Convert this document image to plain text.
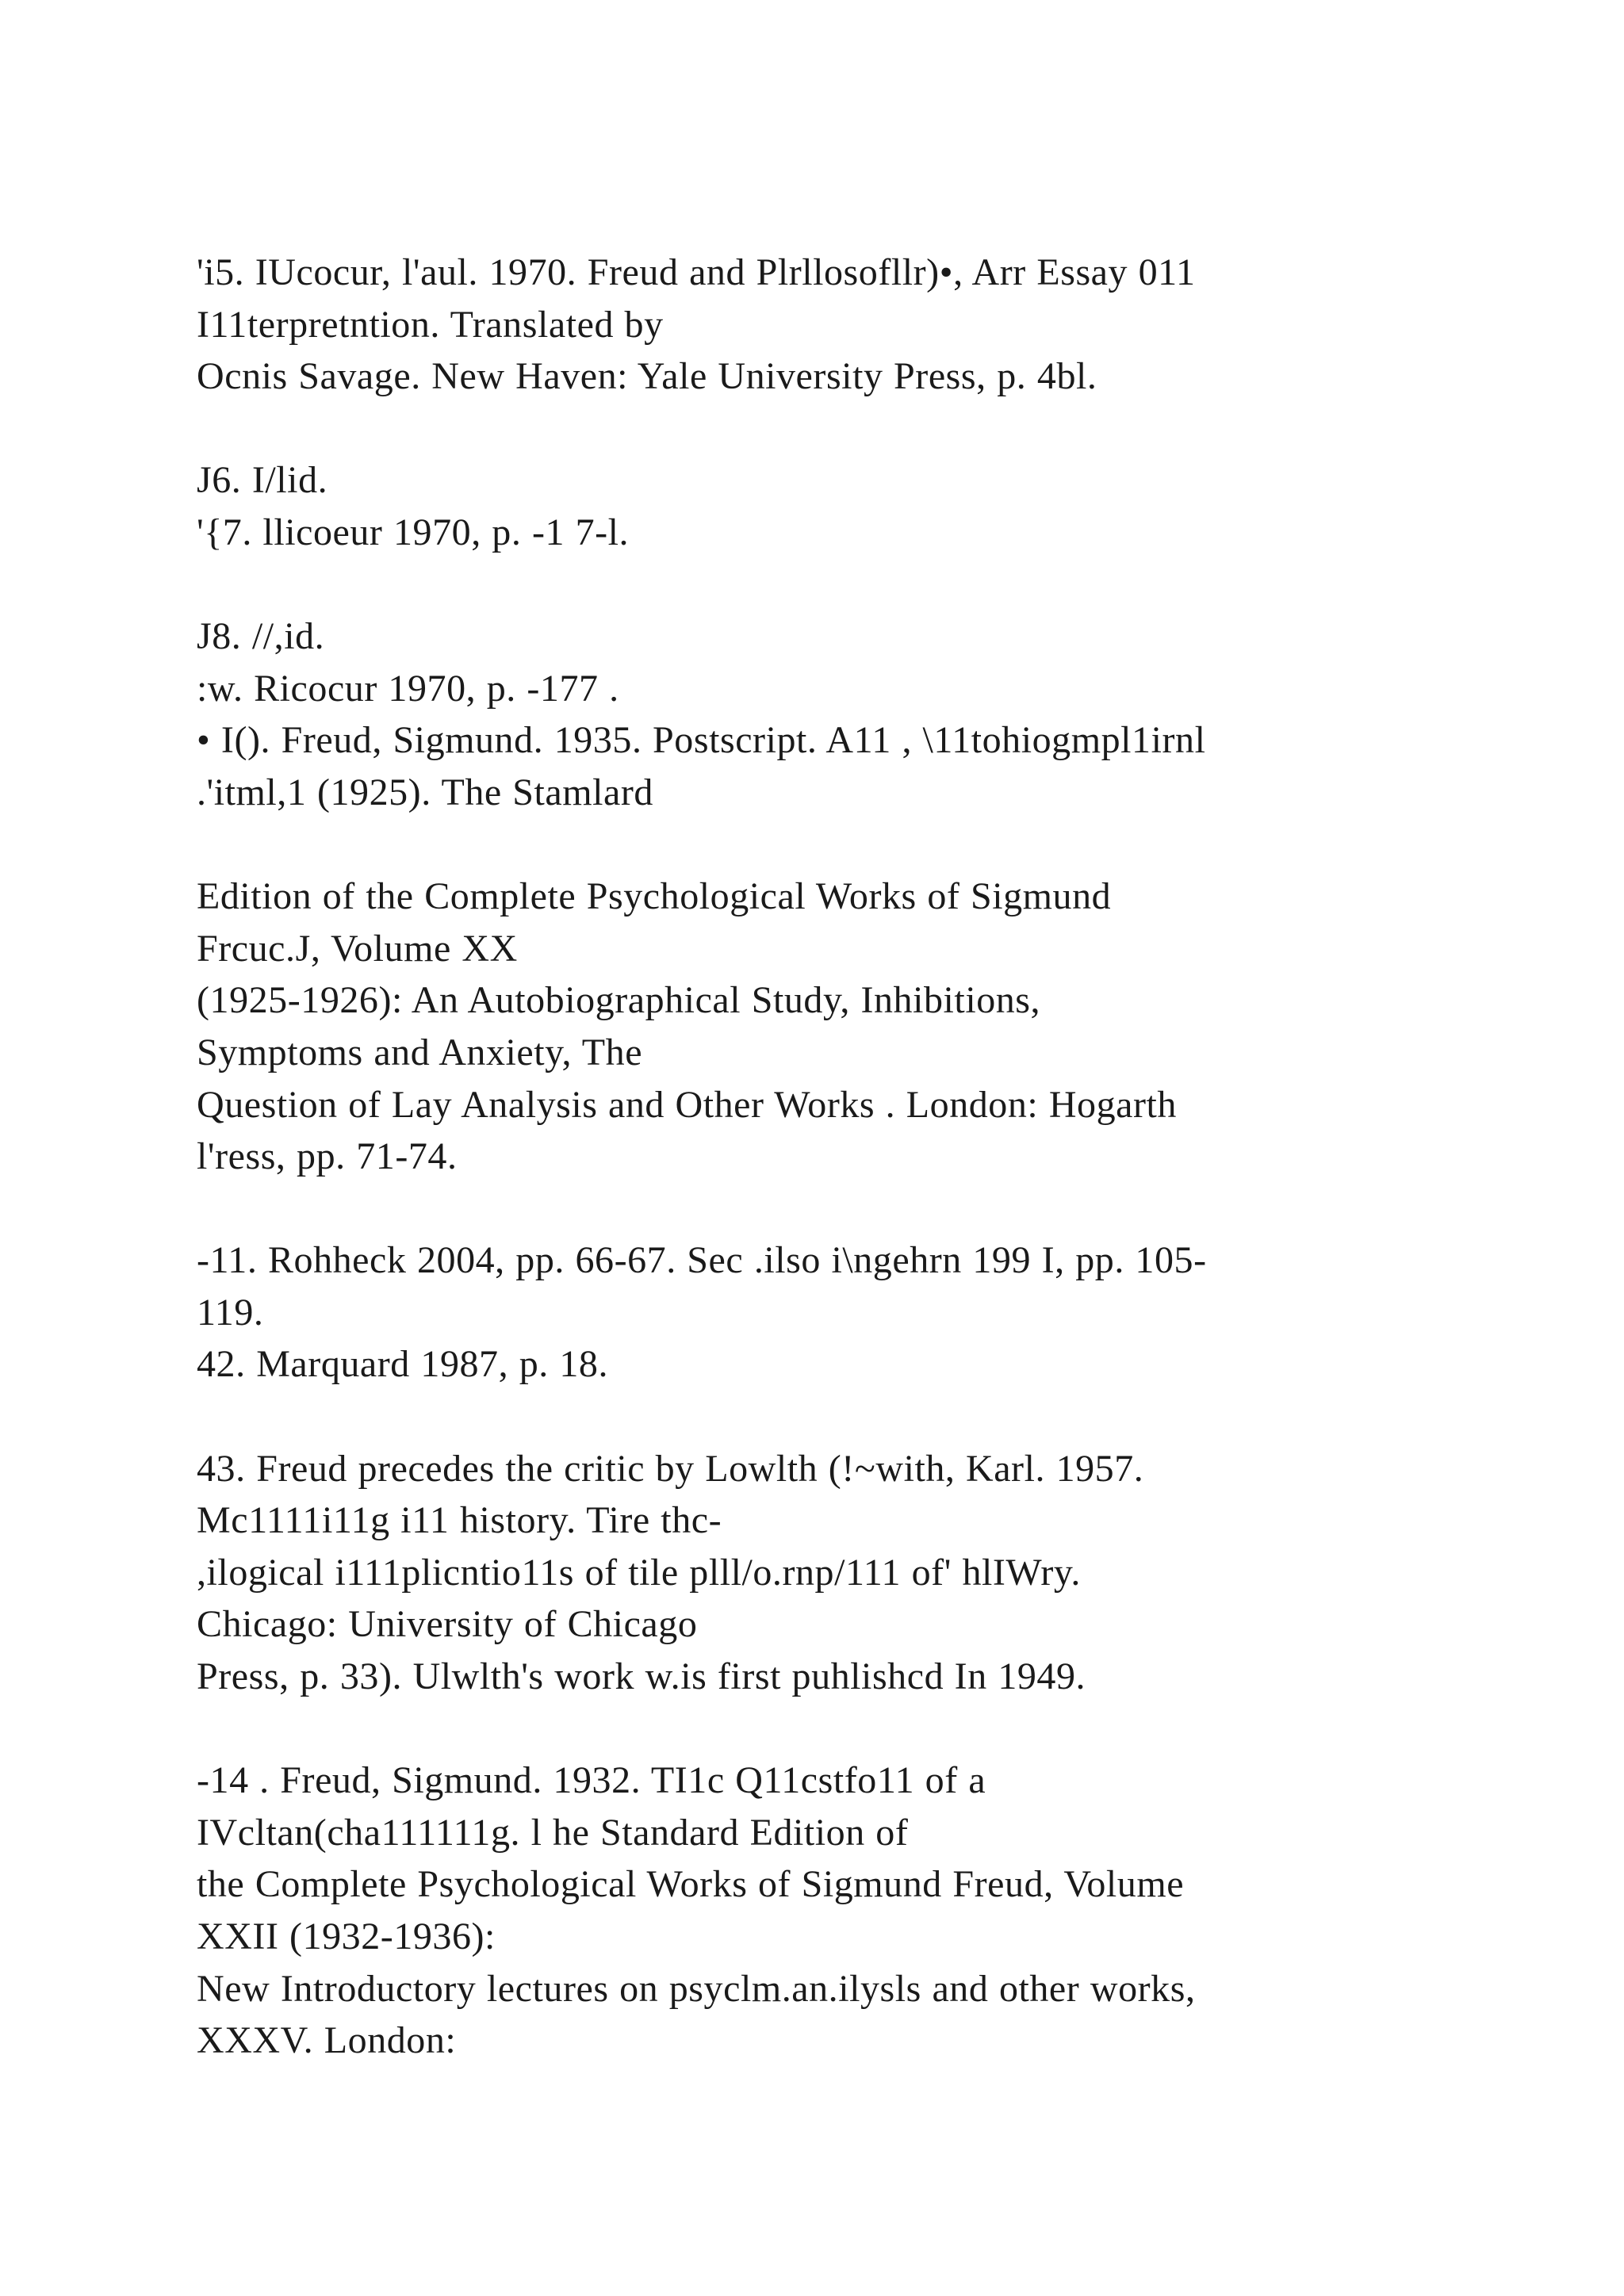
'i5. IUcocur, l'aul. 1970. Freud and Plrllosofllr)•, Arr Essay 011
I11terpretntion. Translated by
Ocnis Savage. New Haven: Yale University Press, p. 4bl.
J6. I/lid.
'{7. llicoeur 1970, p. -1 7-l.
J8. //,id.
:w. Ricocur 1970, p. -177 .
• I(). Freud, Sigmund. 1935. Postscript. A11 , \11tohiogmpl1irnl
.'itml,1 (1925). The Stamlard
Edition of the Complete Psychological Works of Sigmund
Frcuc.J, Volume XX
(1925-1926): An Autobiographical Study, Inhibitions,
Symptoms and Anxiety, The
Question of Lay Analysis and Other Works . London: Hogarth
l'ress, pp. 71-74.
-11. Rohheck 2004, pp. 66-67. Sec .ilso i\ngehrn 199 I, pp. 105-
119.
42. Marquard 1987, p. 18.
43. Freud precedes the critic by Lowlth (!~with, Karl. 1957.
Mc1111i11g i11 history. Tire thc-
,ilogical i111plicntio11s of tile plll/o.rnp/111 of' hlIWry.
Chicago: University of Chicago
Press, p. 33). Ulwlth's work w.is first puhlishcd In 1949.
-14 . Freud, Sigmund. 1932. TI1c Q11cstfo11 of a
IVcltan(cha111111g. l he Standard Edition of
the Complete Psychological Works of Sigmund Freud, Volume
XXII (1932-1936):
New Introductory lectures on psyclm.an.ilysls and other works,
XXXV. London:
